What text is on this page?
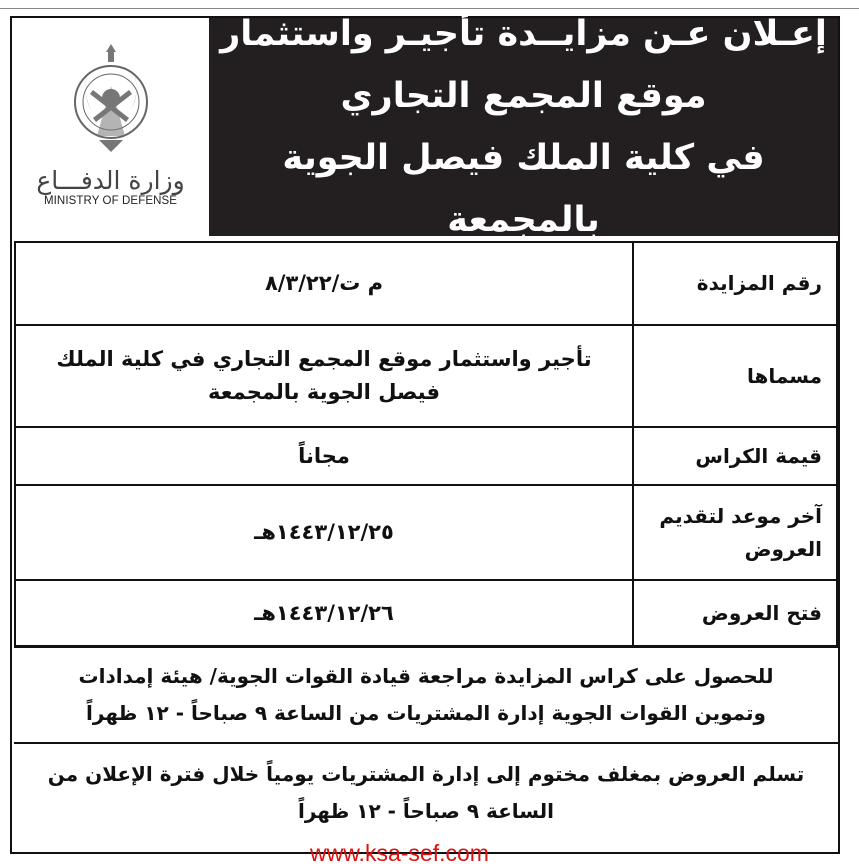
وزارة الدفـــاع
MINISTRY OF DEFENSE
إعـلان عـن مزايــدة تأجيـر واستثمار
موقع المجمع التجاري
في كلية الملك فيصل الجوية بالمجمعة
رقم المزايدة	م ت/٨/٣/٢٢
مسماها	تأجير واستثمار موقع المجمع التجاري في كلية الملك فيصل الجوية بالمجمعة
قيمة الكراس	مجاناً
آخر موعد لتقديم العروض	١٤٤٣/١٢/٢٥هـ
فتح العروض	١٤٤٣/١٢/٢٦هـ
للحصول على كراس المزايدة مراجعة قيادة القوات الجوية/ هيئة إمدادات وتموين القوات الجوية إدارة المشتريات من الساعة ٩ صباحاً - ١٢ ظهراً
تسلم العروض بمغلف مختوم إلى إدارة المشتريات يومياً خلال فترة الإعلان من الساعة ٩ صباحاً - ١٢ ظهراً
www.ksa-sef.com
